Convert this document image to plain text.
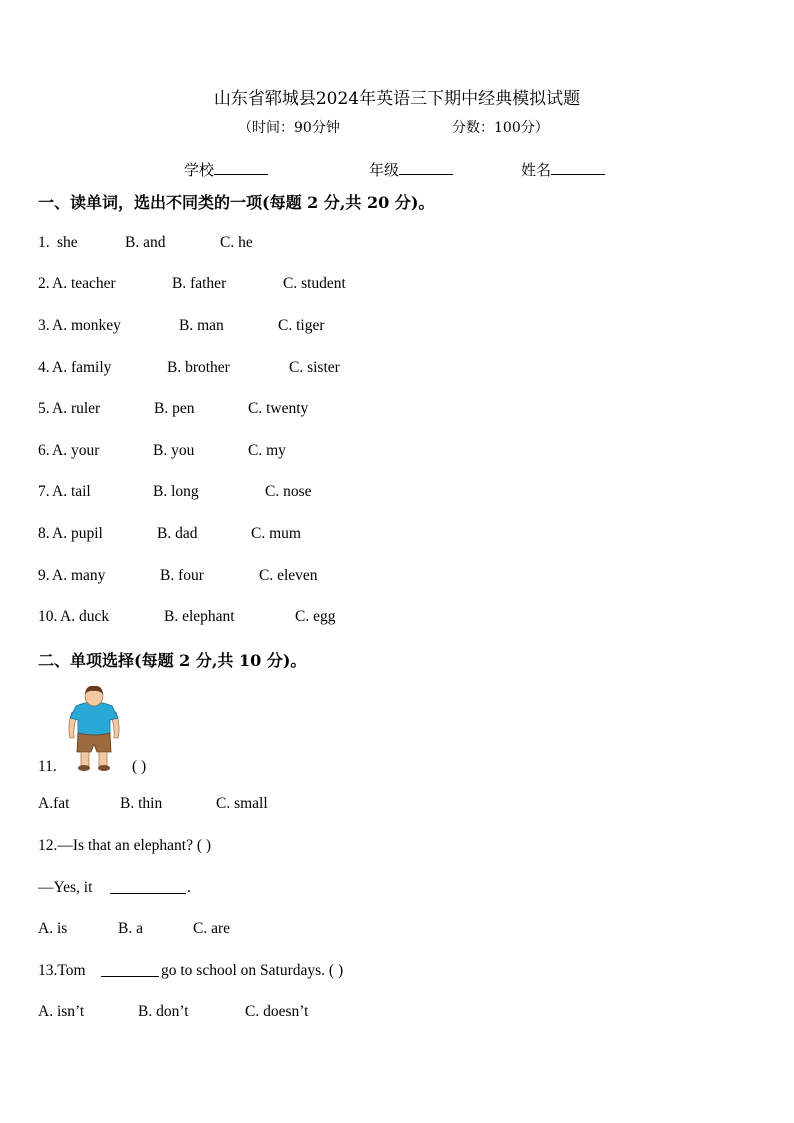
山东省郓城县2024年英语三下期中经典模拟试题
（时间：90分钟	分数：100分）
学校	年级	姓名
一、读单词，选出不同类的一项(每题 2 分,共 20 分)。
1. she	B. and	C. he
2. A. teacher	B. father	C. student
3. A. monkey	B. man	C. tiger
4. A. family	B. brother	C. sister
5. A. ruler	B. pen	C. twenty
6. A. your	B. you	C. my
7. A. tail	B. long	C. nose
8. A. pupil	B. dad	C. mum
9. A. many	B. four	C. eleven
10. A. duck	B. elephant	C. egg
二、单项选择(每题 2 分,共 10 分)。
11.	( )
A.fat	B. thin	C. small
12.—Is that an elephant? ( )
—Yes, it	.
A. is	B. a	C. are
13.Tom	go to school on Saturdays. ( )
A. isn’t	B. don’t	C. doesn’t
